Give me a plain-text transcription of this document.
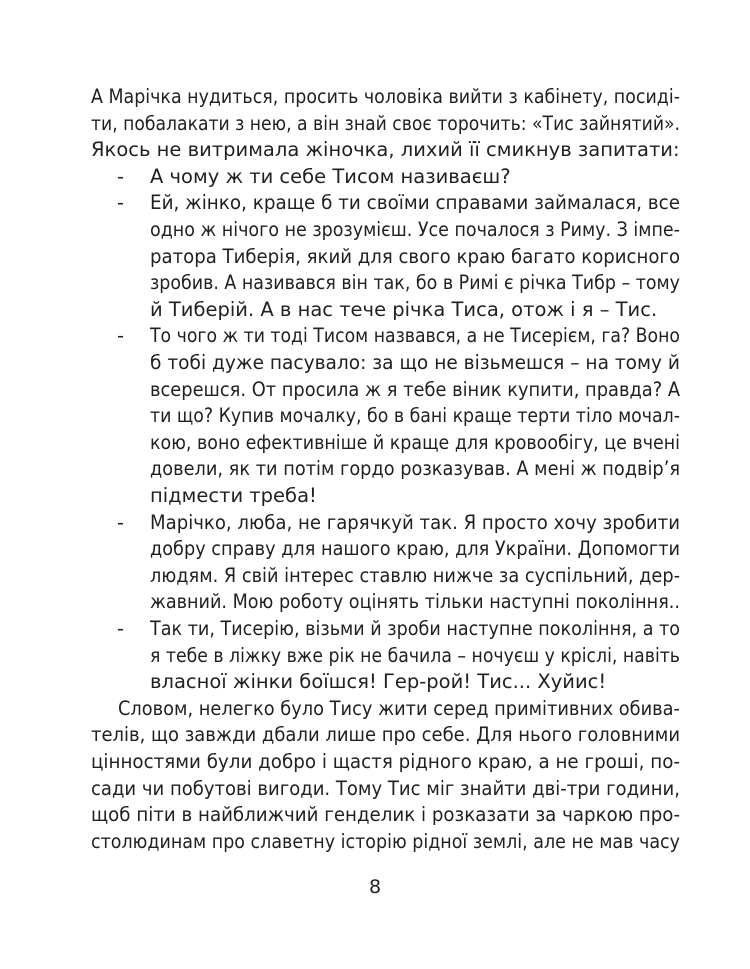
А Марічка нудиться, просить чоловіка вийти з кабінету, посиді-
ти, побалакати з нею, а він знай своє торочить: «Тис зайнятий».
Якось не витримала жіночка, лихий її смикнув запитати:
- А чому ж ти себе Тисом називаєш?
- Ей, жінко, краще б ти своїми справами займалася, все
одно ж нічого не зрозумієш. Усе почалося з Риму. З імпе-
ратора Тиберія, який для свого краю багато корисного
зробив. А називався він так, бо в Римі є річка Тибр – тому
й Тиберій. А в нас тече річка Тиса, отож і я – Тис.
- То чого ж ти тоді Тисом назвався, а не Тисерієм, га? Воно
б тобі дуже пасувало: за що не візьмешся – на тому й
всерешся. От просила ж я тебе віник купити, правда? А
ти що? Купив мочалку, бо в бані краще терти тіло мочал-
кою, воно ефективніше й краще для кровообігу, це вчені
довели, як ти потім гордо розказував. А мені ж подвір’я
підмести треба!
- Марічко, люба, не гарячкуй так. Я просто хочу зробити
добру справу для нашого краю, для України. Допомогти
людям. Я свій інтерес ставлю нижче за суспільний, дер-
жавний. Мою роботу оцінять тільки наступні покоління..
- Так ти, Тисерію, візьми й зроби наступне покоління, а то
я тебе в ліжку вже рік не бачила – ночуєш у кріслі, навіть
власної жінки боїшся! Гер-рой! Тис... Хуйис!
Словом, нелегко було Тису жити серед примітивних обива-
телів, що завжди дбали лише про себе. Для нього головними
цінностями були добро і щастя рідного краю, а не гроші, по-
сади чи побутові вигоди. Тому Тис міг знайти дві-три години,
щоб піти в найближчий генделик і розказати за чаркою про-
столюдинам про славетну історію рідної землі, але не мав часу
8
